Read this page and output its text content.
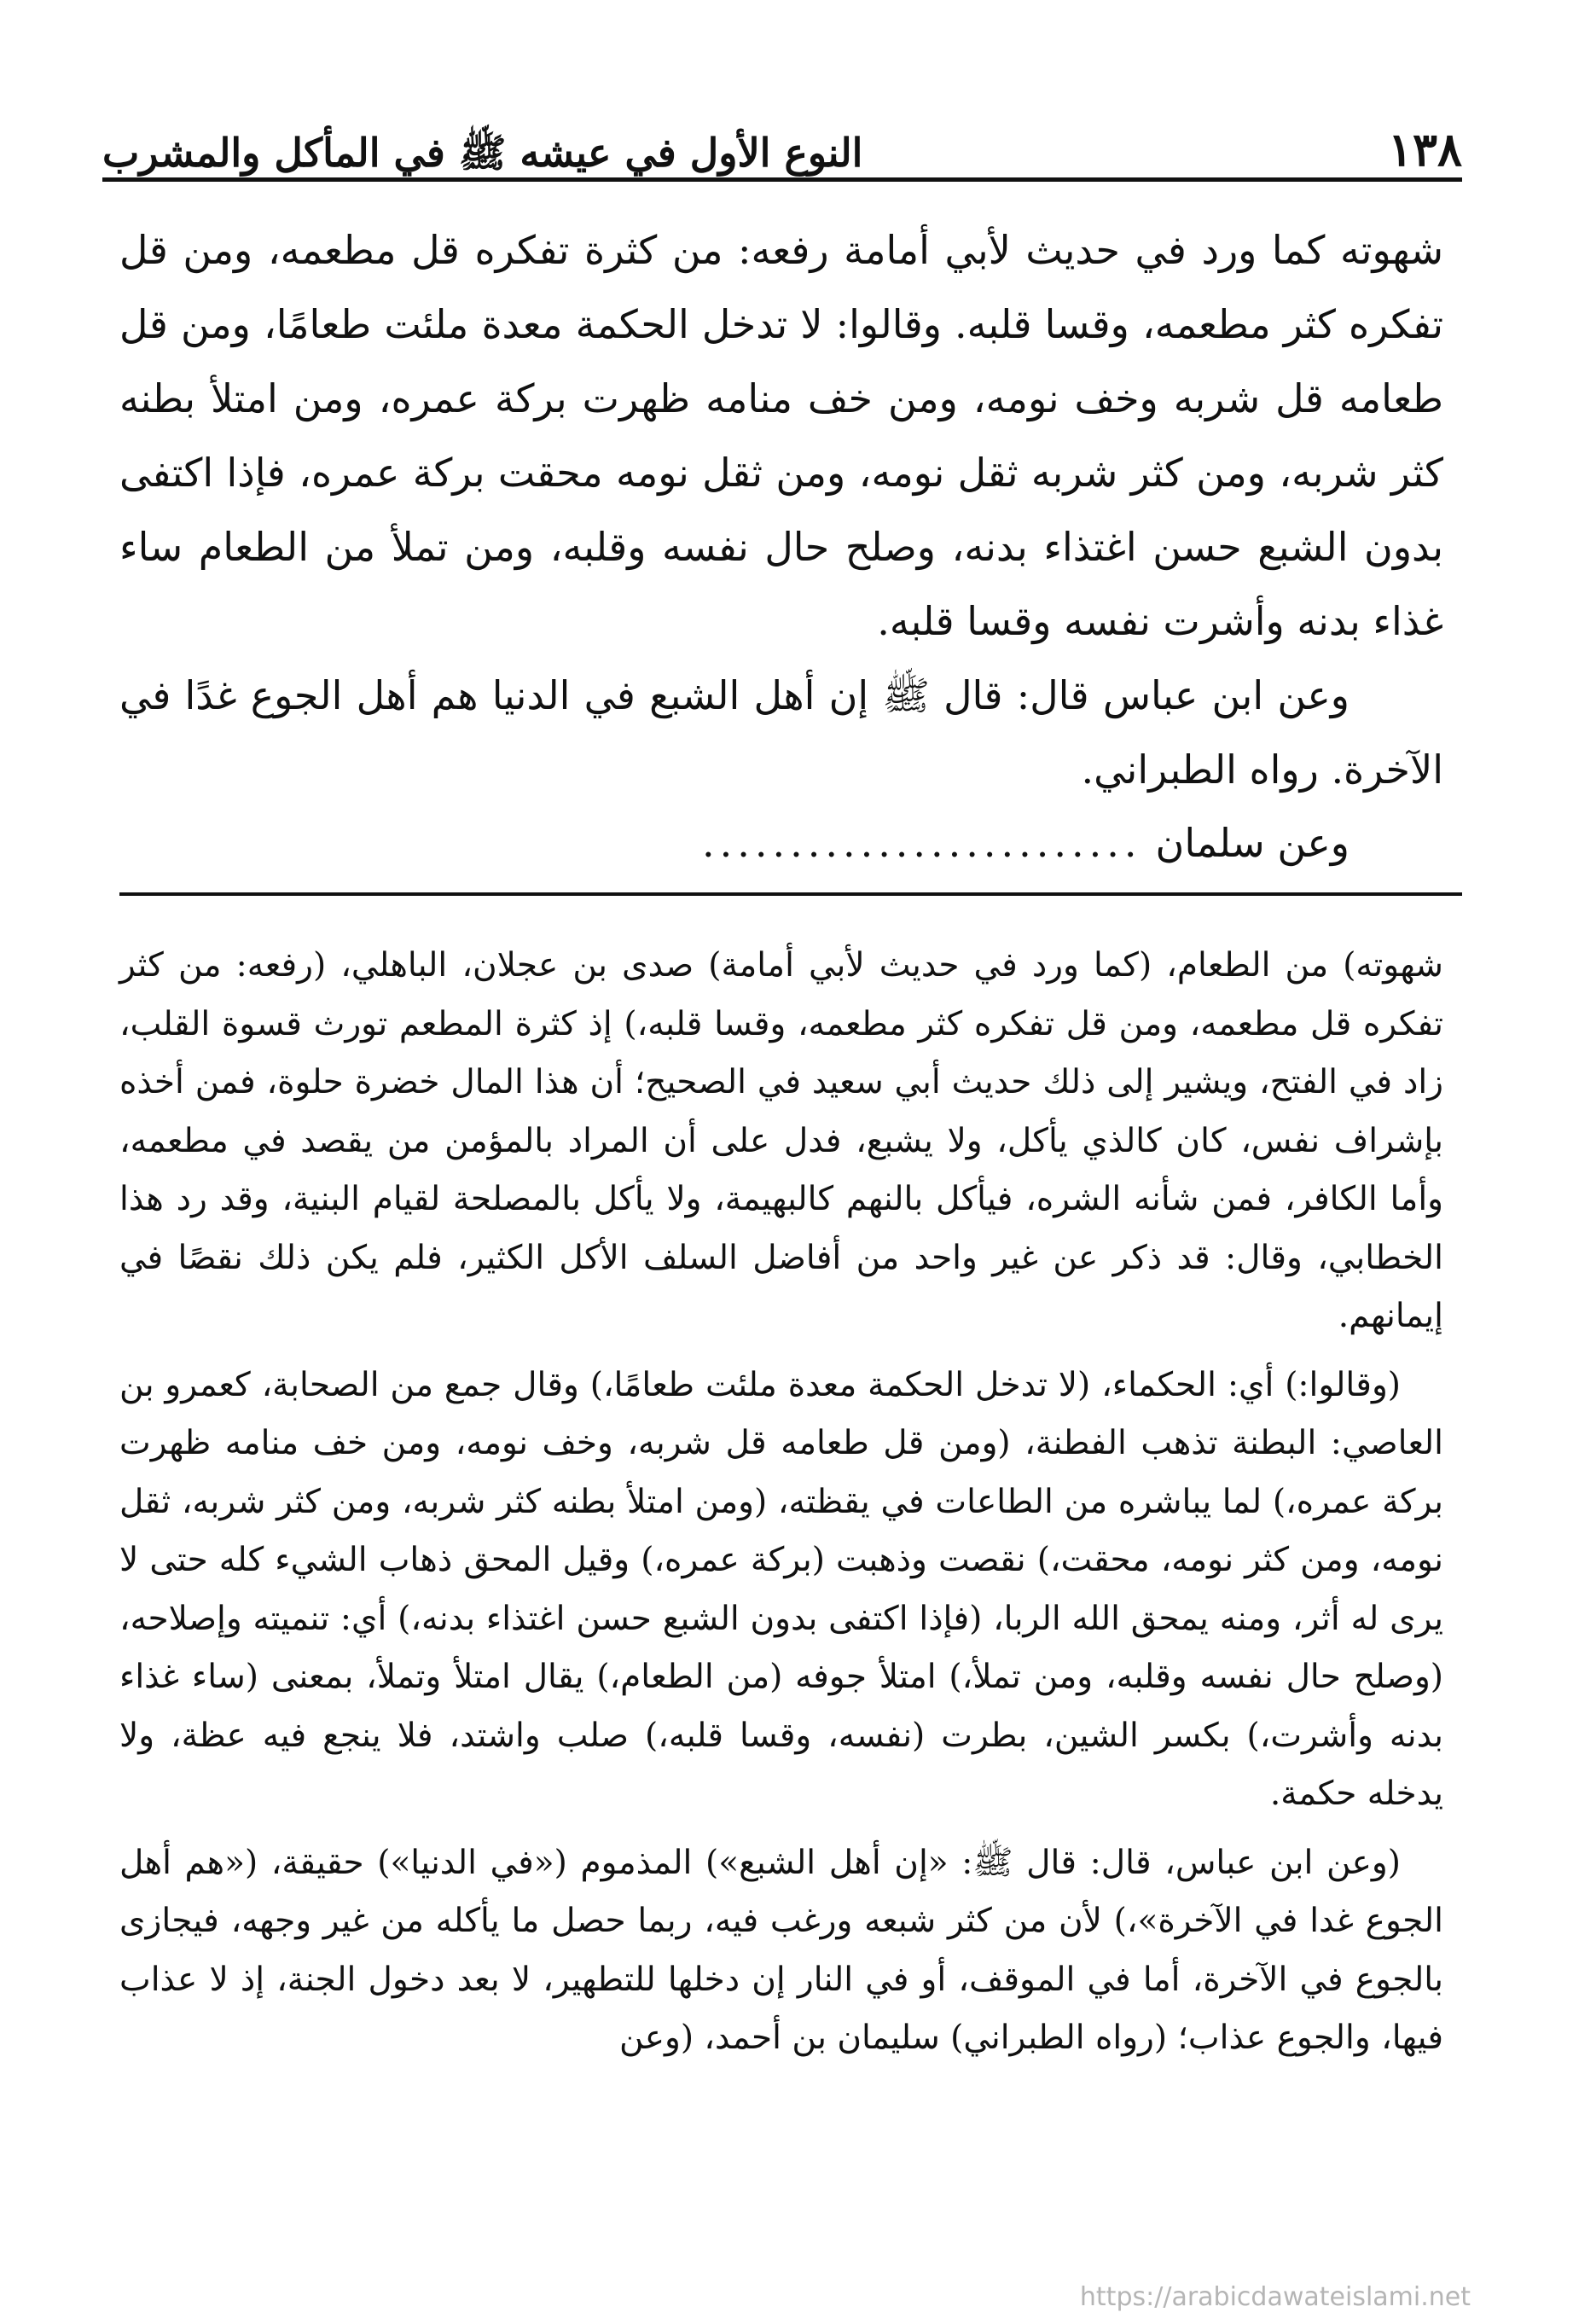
١٣٨
النوع الأول في عيشه ﷺ في المأكل والمشرب

شهوته كما ورد في حديث لأبي أمامة رفعه: من كثرة تفكره قل مطعمه، ومن قل تفكره كثر مطعمه، وقسا قلبه. وقالوا: لا تدخل الحكمة معدة ملئت طعامًا، ومن قل طعامه قل شربه وخف نومه، ومن خف منامه ظهرت بركة عمره، ومن امتلأ بطنه كثر شربه، ومن كثر شربه ثقل نومه، ومن ثقل نومه محقت بركة عمره، فإذا اكتفى بدون الشبع حسن اغتذاء بدنه، وصلح حال نفسه وقلبه، ومن تملأ من الطعام ساء غذاء بدنه وأشرت نفسه وقسا قلبه.

وعن ابن عباس قال: قال ﷺ إن أهل الشبع في الدنيا هم أهل الجوع غدًا في الآخرة. رواه الطبراني.

وعن سلمان
.........................

شهوته) من الطعام، (كما ورد في حديث لأبي أمامة) صدى بن عجلان، الباهلي، (رفعه: من كثر تفكره قل مطعمه، ومن قل تفكره كثر مطعمه، وقسا قلبه،) إذ كثرة المطعم تورث قسوة القلب، زاد في الفتح، ويشير إلى ذلك حديث أبي سعيد في الصحيح؛ أن هذا المال خضرة حلوة، فمن أخذه بإشراف نفس، كان كالذي يأكل، ولا يشبع، فدل على أن المراد بالمؤمن من يقصد في مطعمه، وأما الكافر، فمن شأنه الشره، فيأكل بالنهم كالبهيمة، ولا يأكل بالمصلحة لقيام البنية، وقد رد هذا الخطابي، وقال: قد ذكر عن غير واحد من أفاضل السلف الأكل الكثير، فلم يكن ذلك نقصًا في إيمانهم.

(وقالوا:) أي: الحكماء، (لا تدخل الحكمة معدة ملئت طعامًا،) وقال جمع من الصحابة، كعمرو بن العاصي: البطنة تذهب الفطنة، (ومن قل طعامه قل شربه، وخف نومه، ومن خف منامه ظهرت بركة عمره،) لما يباشره من الطاعات في يقظته، (ومن امتلأ بطنه كثر شربه، ومن كثر شربه، ثقل نومه، ومن كثر نومه، محقت،) نقصت وذهبت (بركة عمره،) وقيل المحق ذهاب الشيء كله حتى لا يرى له أثر، ومنه يمحق الله الربا، (فإذا اكتفى بدون الشبع حسن اغتذاء بدنه،) أي: تنميته وإصلاحه، (وصلح حال نفسه وقلبه، ومن تملأ،) امتلأ جوفه (من الطعام،) يقال امتلأ وتملأ، بمعنى (ساء غذاء بدنه وأشرت،) بكسر الشين، بطرت (نفسه، وقسا قلبه،) صلب واشتد، فلا ينجع فيه عظة، ولا يدخله حكمة.

(وعن ابن عباس، قال: قال ﷺ: «إن أهل الشبع») المذموم («في الدنيا») حقيقة، («هم أهل الجوع غدا في الآخرة»،) لأن من كثر شبعه ورغب فيه، ربما حصل ما يأكله من غير وجهه، فيجازى بالجوع في الآخرة، أما في الموقف، أو في النار إن دخلها للتطهير، لا بعد دخول الجنة، إذ لا عذاب فيها، والجوع عذاب؛ (رواه الطبراني) سليمان بن أحمد، (وعن

https://arabicdawateislami.net
